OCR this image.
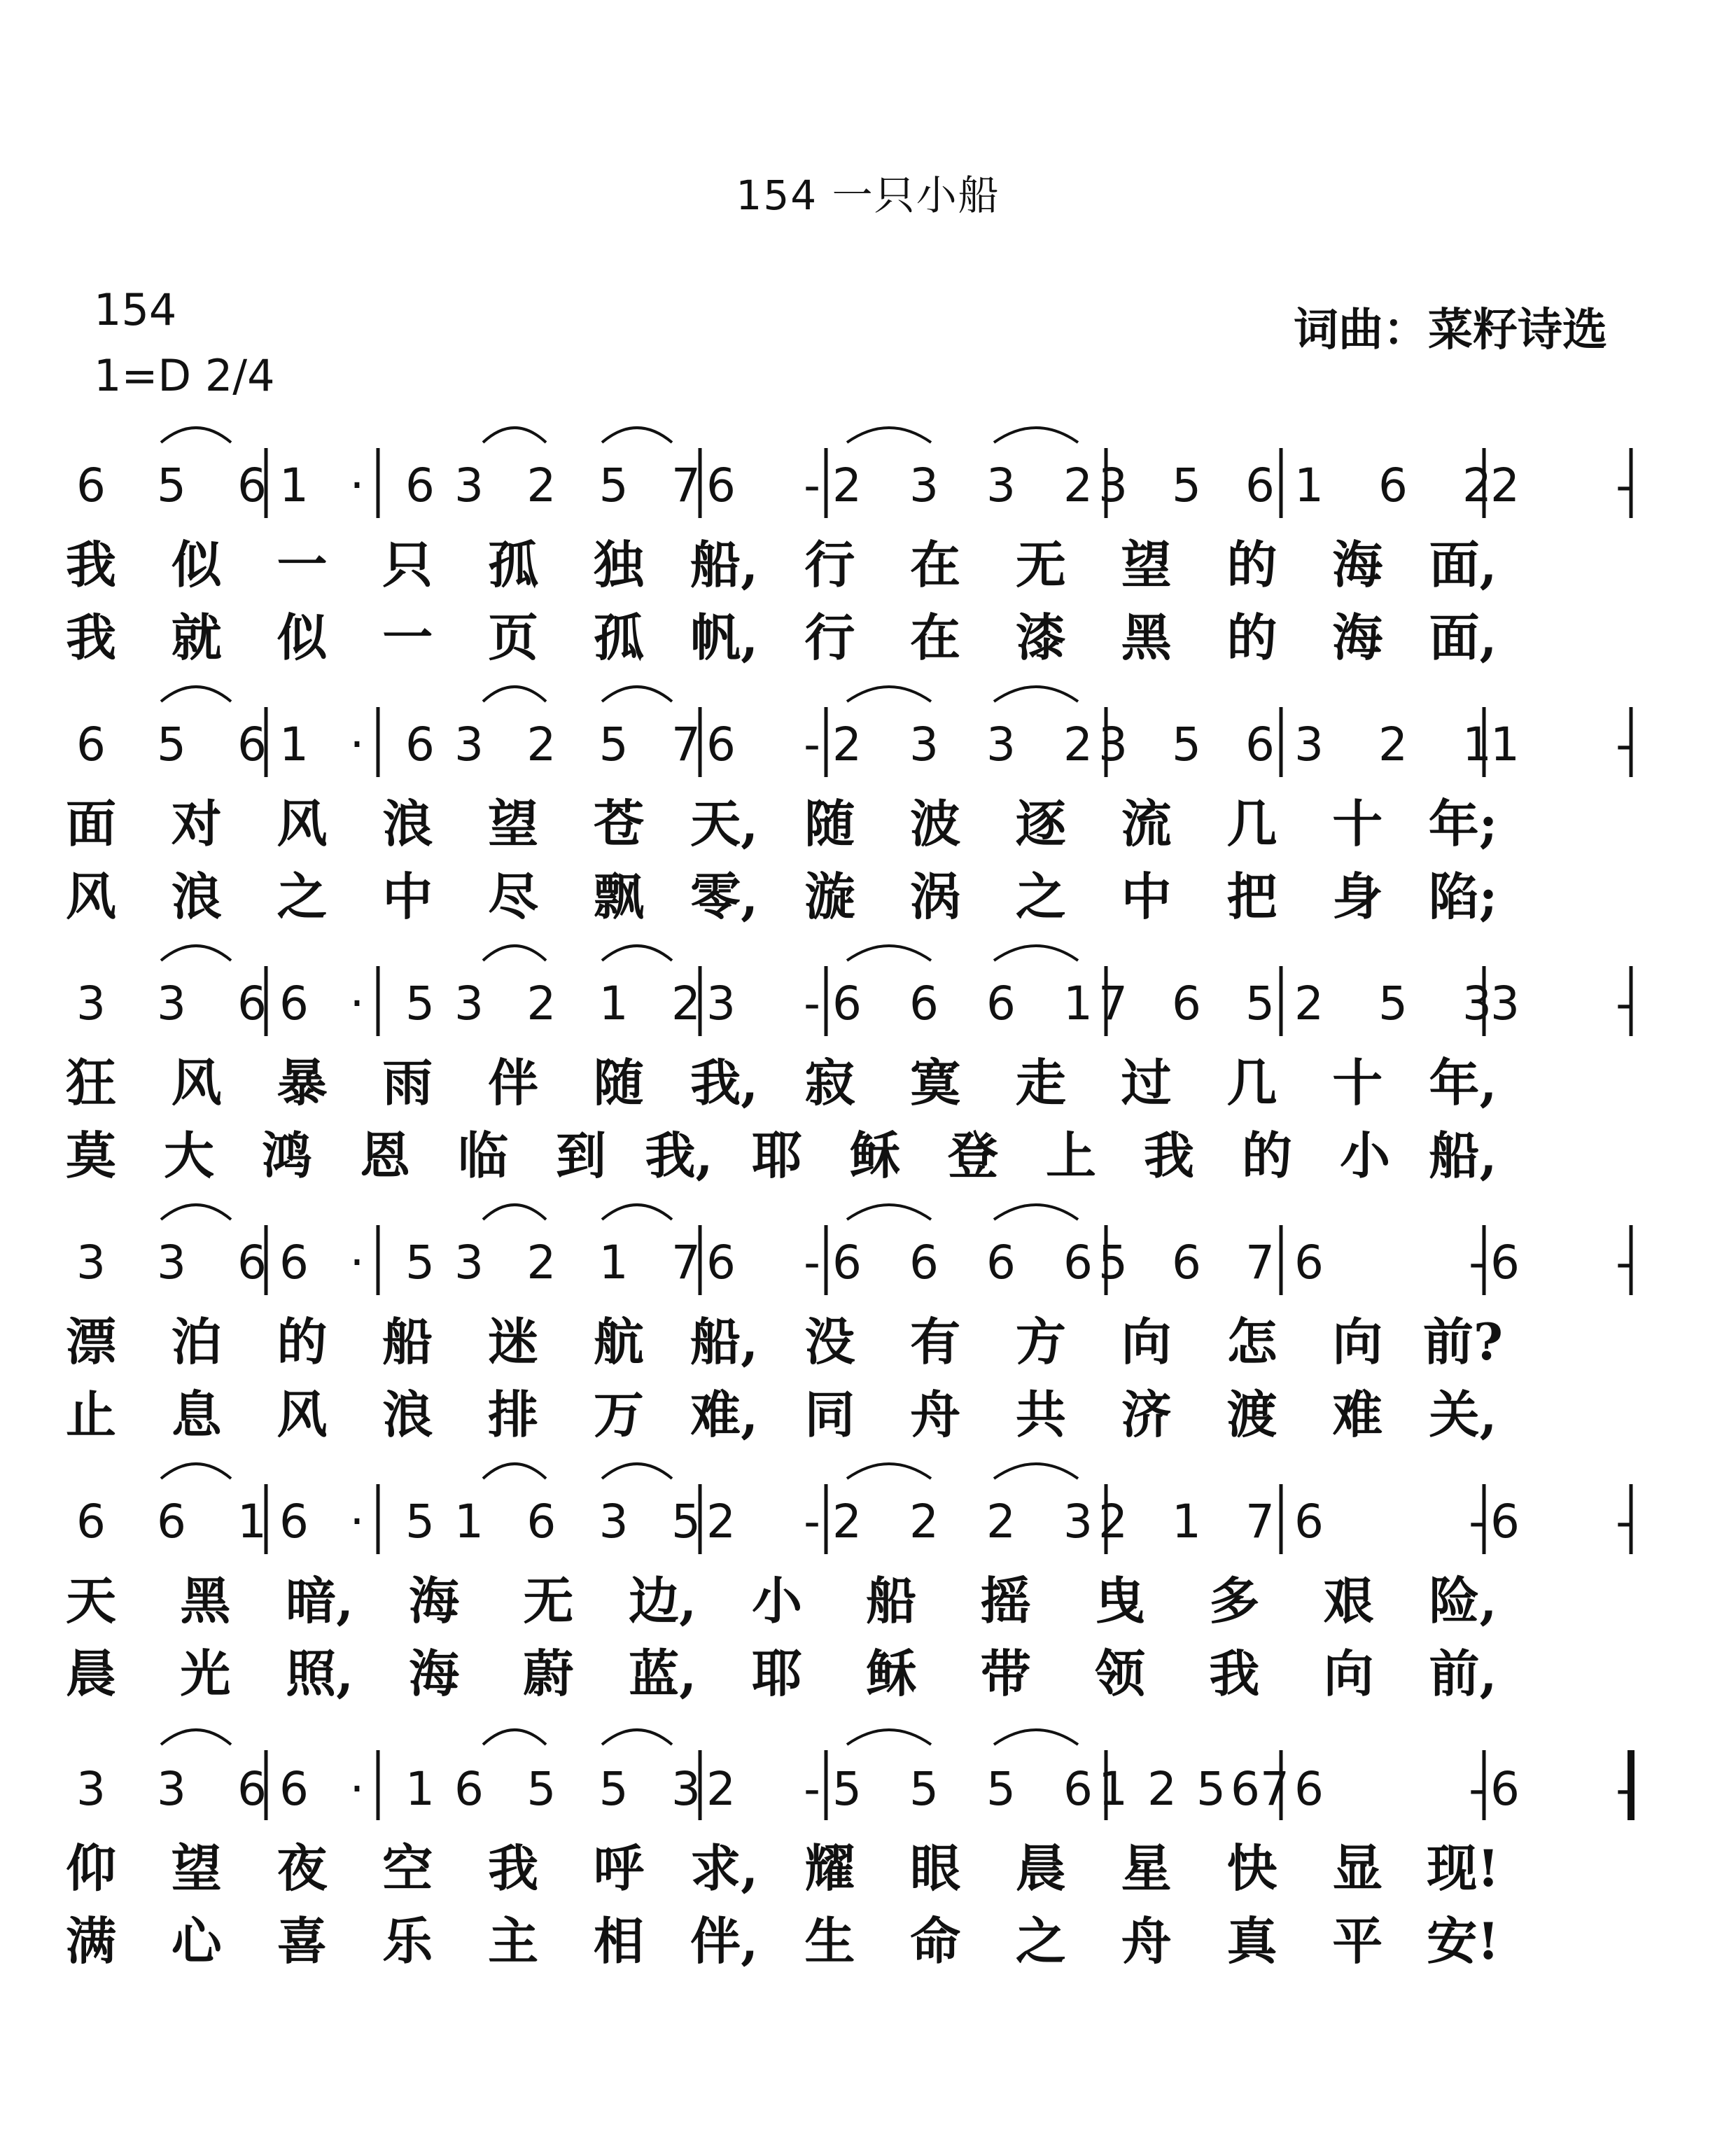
154 一只小船
154
1=D 2/4
词曲：菜籽诗选
6 5 6 1 · 6 3 2 5 7 6 - 2 3 3 2 3 5 6 1 6 2
2 -
我 似 一 只 孤 独 船, 行 在 无 望 的 海 面,
我 就 似 一 页 孤 帆, 行 在 漆 黑 的 海 面,
6 5 6 1 · 6 3 2 5 7 6 - 2 3 3 2 3 5 6 3 2 1
1 -
面 对 风 浪 望 苍 天, 随 波 逐 流 几 十 年;
风 浪 之 中 尽 飘 零, 漩 涡 之 中 把 身 陷;
3 3 6 6 · 5 3 2 1 2 3 - 6 6 6 1 7 6 5 2 5 3
3 -
狂 风 暴 雨 伴 随 我, 寂 寞 走 过 几 十 年,
莫 大 鸿 恩 临 到 我, 耶 稣 登 上 我 的 小 船,
3 3 6 6 · 5 3 2 1 7 6 - 6 6 6 6 5 6 7 6	- 6 -
漂 泊 的 船 迷 航 船, 没 有 方 向 怎 向 前?
止 息 风 浪 排 万 难, 同 舟 共 济 渡 难 关,
6 6 1 6 · 5 1 6 3 5 2 - 2 2 2 3 2 1 7 6	- 6 -
天 黑 暗, 海 无 边, 小 船 摇 曳 多 艰 险,
晨 光 照, 海 蔚 蓝, 耶 稣 带 领 我 向 前,
3 3 6 6 · 1 6 5 5 3 2 - 5 5 5 6 1 2 5 67 6	- 6 -
仰 望 夜 空 我 呼 求, 耀 眼 晨 星 快 显 现!
满 心 喜 乐 主 相 伴, 生 命 之 舟 真 平 安!
